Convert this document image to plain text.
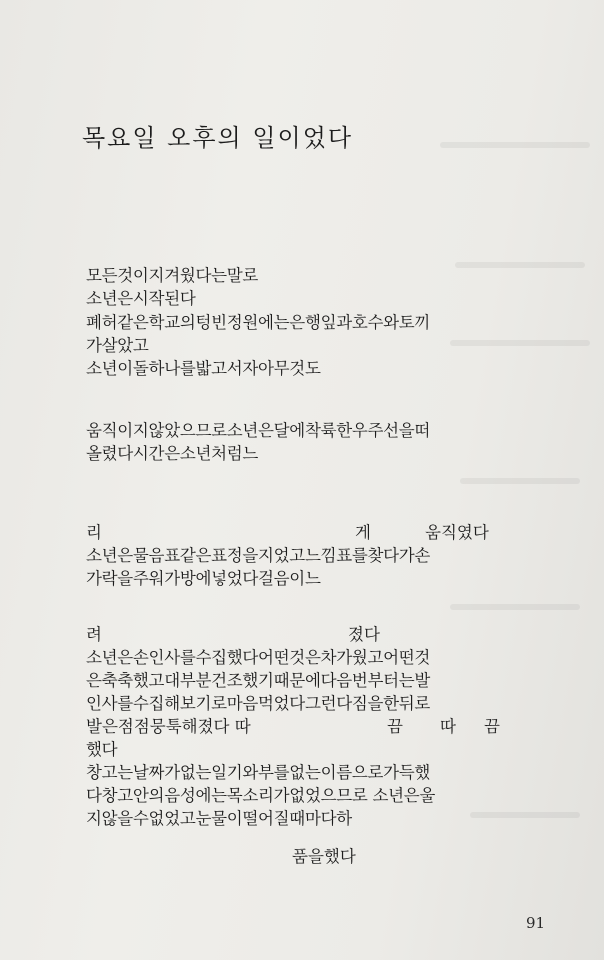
목요일 오후의 일이었다
모든것이지겨웠다는말로
소년은시작된다
폐허같은학교의텅빈정원에는은행잎과호수와토끼
가살았고
소년이돌하나를밟고서자아무것도
움직이지않았으므로소년은달에착륙한우주선을떠
올렸다시간은소년처럼느
리	게	움직였다
소년은물음표같은표정을지었고느낌표를찾다가손
가락을주워가방에넣었다걸음이느
려	졌다
소년은손인사를수집했다어떤것은차가웠고어떤것
은축축했고대부분건조했기때문에다음번부터는발
인사를수집해보기로마음먹었다그런다짐을한뒤로
발은점점뭉툭해졌다 따	끔 따 끔
했다
창고는날짜가없는일기와부를없는이름으로가득했
다창고안의음성에는목소리가없었으므로 소년은울
지않을수없었고눈물이떨어질때마다하
품을했다
91
